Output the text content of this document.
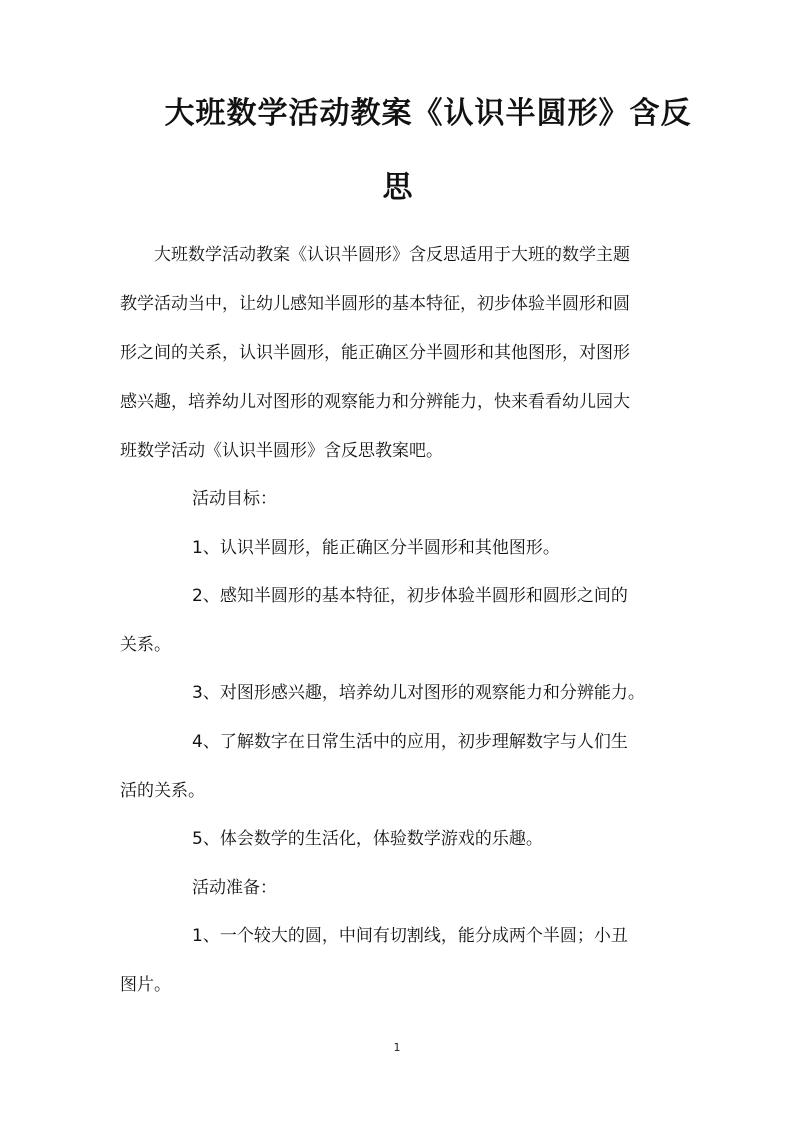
大班数学活动教案《认识半圆形》含反
思
大班数学活动教案《认识半圆形》含反思适用于大班的数学主题
教学活动当中，让幼儿感知半圆形的基本特征，初步体验半圆形和圆
形之间的关系，认识半圆形，能正确区分半圆形和其他图形，对图形
感兴趣，培养幼儿对图形的观察能力和分辨能力，快来看看幼儿园大
班数学活动《认识半圆形》含反思教案吧。
活动目标：
1、认识半圆形，能正确区分半圆形和其他图形。
2、感知半圆形的基本特征，初步体验半圆形和圆形之间的
关系。
3、对图形感兴趣，培养幼儿对图形的观察能力和分辨能力。
4、了解数字在日常生活中的应用，初步理解数字与人们生
活的关系。
5、体会数学的生活化，体验数学游戏的乐趣。
活动准备：
1、一个较大的圆，中间有切割线，能分成两个半圆；小丑
图片。
1
